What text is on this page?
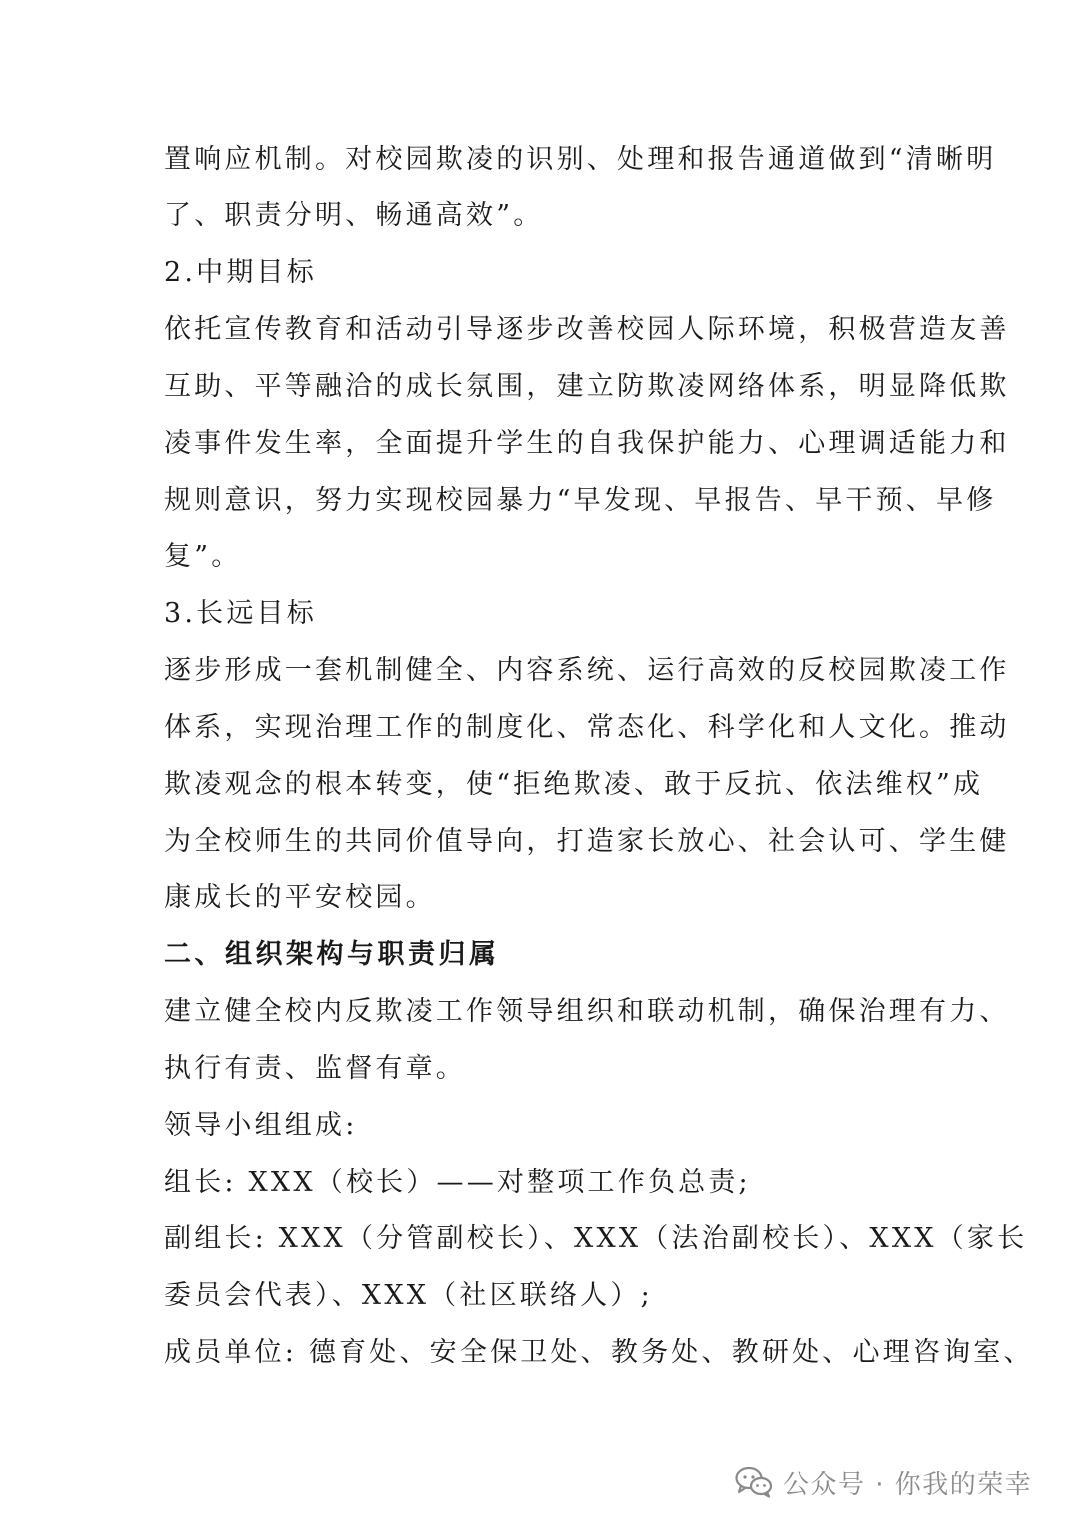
置响应机制。对校园欺凌的识别、处理和报告通道做到“清晰明
了、职责分明、畅通高效”。
2.中期目标
依托宣传教育和活动引导逐步改善校园人际环境，积极营造友善
互助、平等融洽的成长氛围，建立防欺凌网络体系，明显降低欺
凌事件发生率，全面提升学生的自我保护能力、心理调适能力和
规则意识，努力实现校园暴力“早发现、早报告、早干预、早修
复”。
3.长远目标
逐步形成一套机制健全、内容系统、运行高效的反校园欺凌工作
体系，实现治理工作的制度化、常态化、科学化和人文化。推动
欺凌观念的根本转变，使“拒绝欺凌、敢于反抗、依法维权”成
为全校师生的共同价值导向，打造家长放心、社会认可、学生健
康成长的平安校园。
二、组织架构与职责归属
建立健全校内反欺凌工作领导组织和联动机制，确保治理有力、
执行有责、监督有章。
领导小组组成:
组长: XXX（校长）——对整项工作负总责;
副组长: XXX（分管副校长）、XXX（法治副校长）、XXX（家长
委员会代表）、XXX（社区联络人）;
成员单位: 德育处、安全保卫处、教务处、教研处、心理咨询室、
公众号 · 你我的荣幸
